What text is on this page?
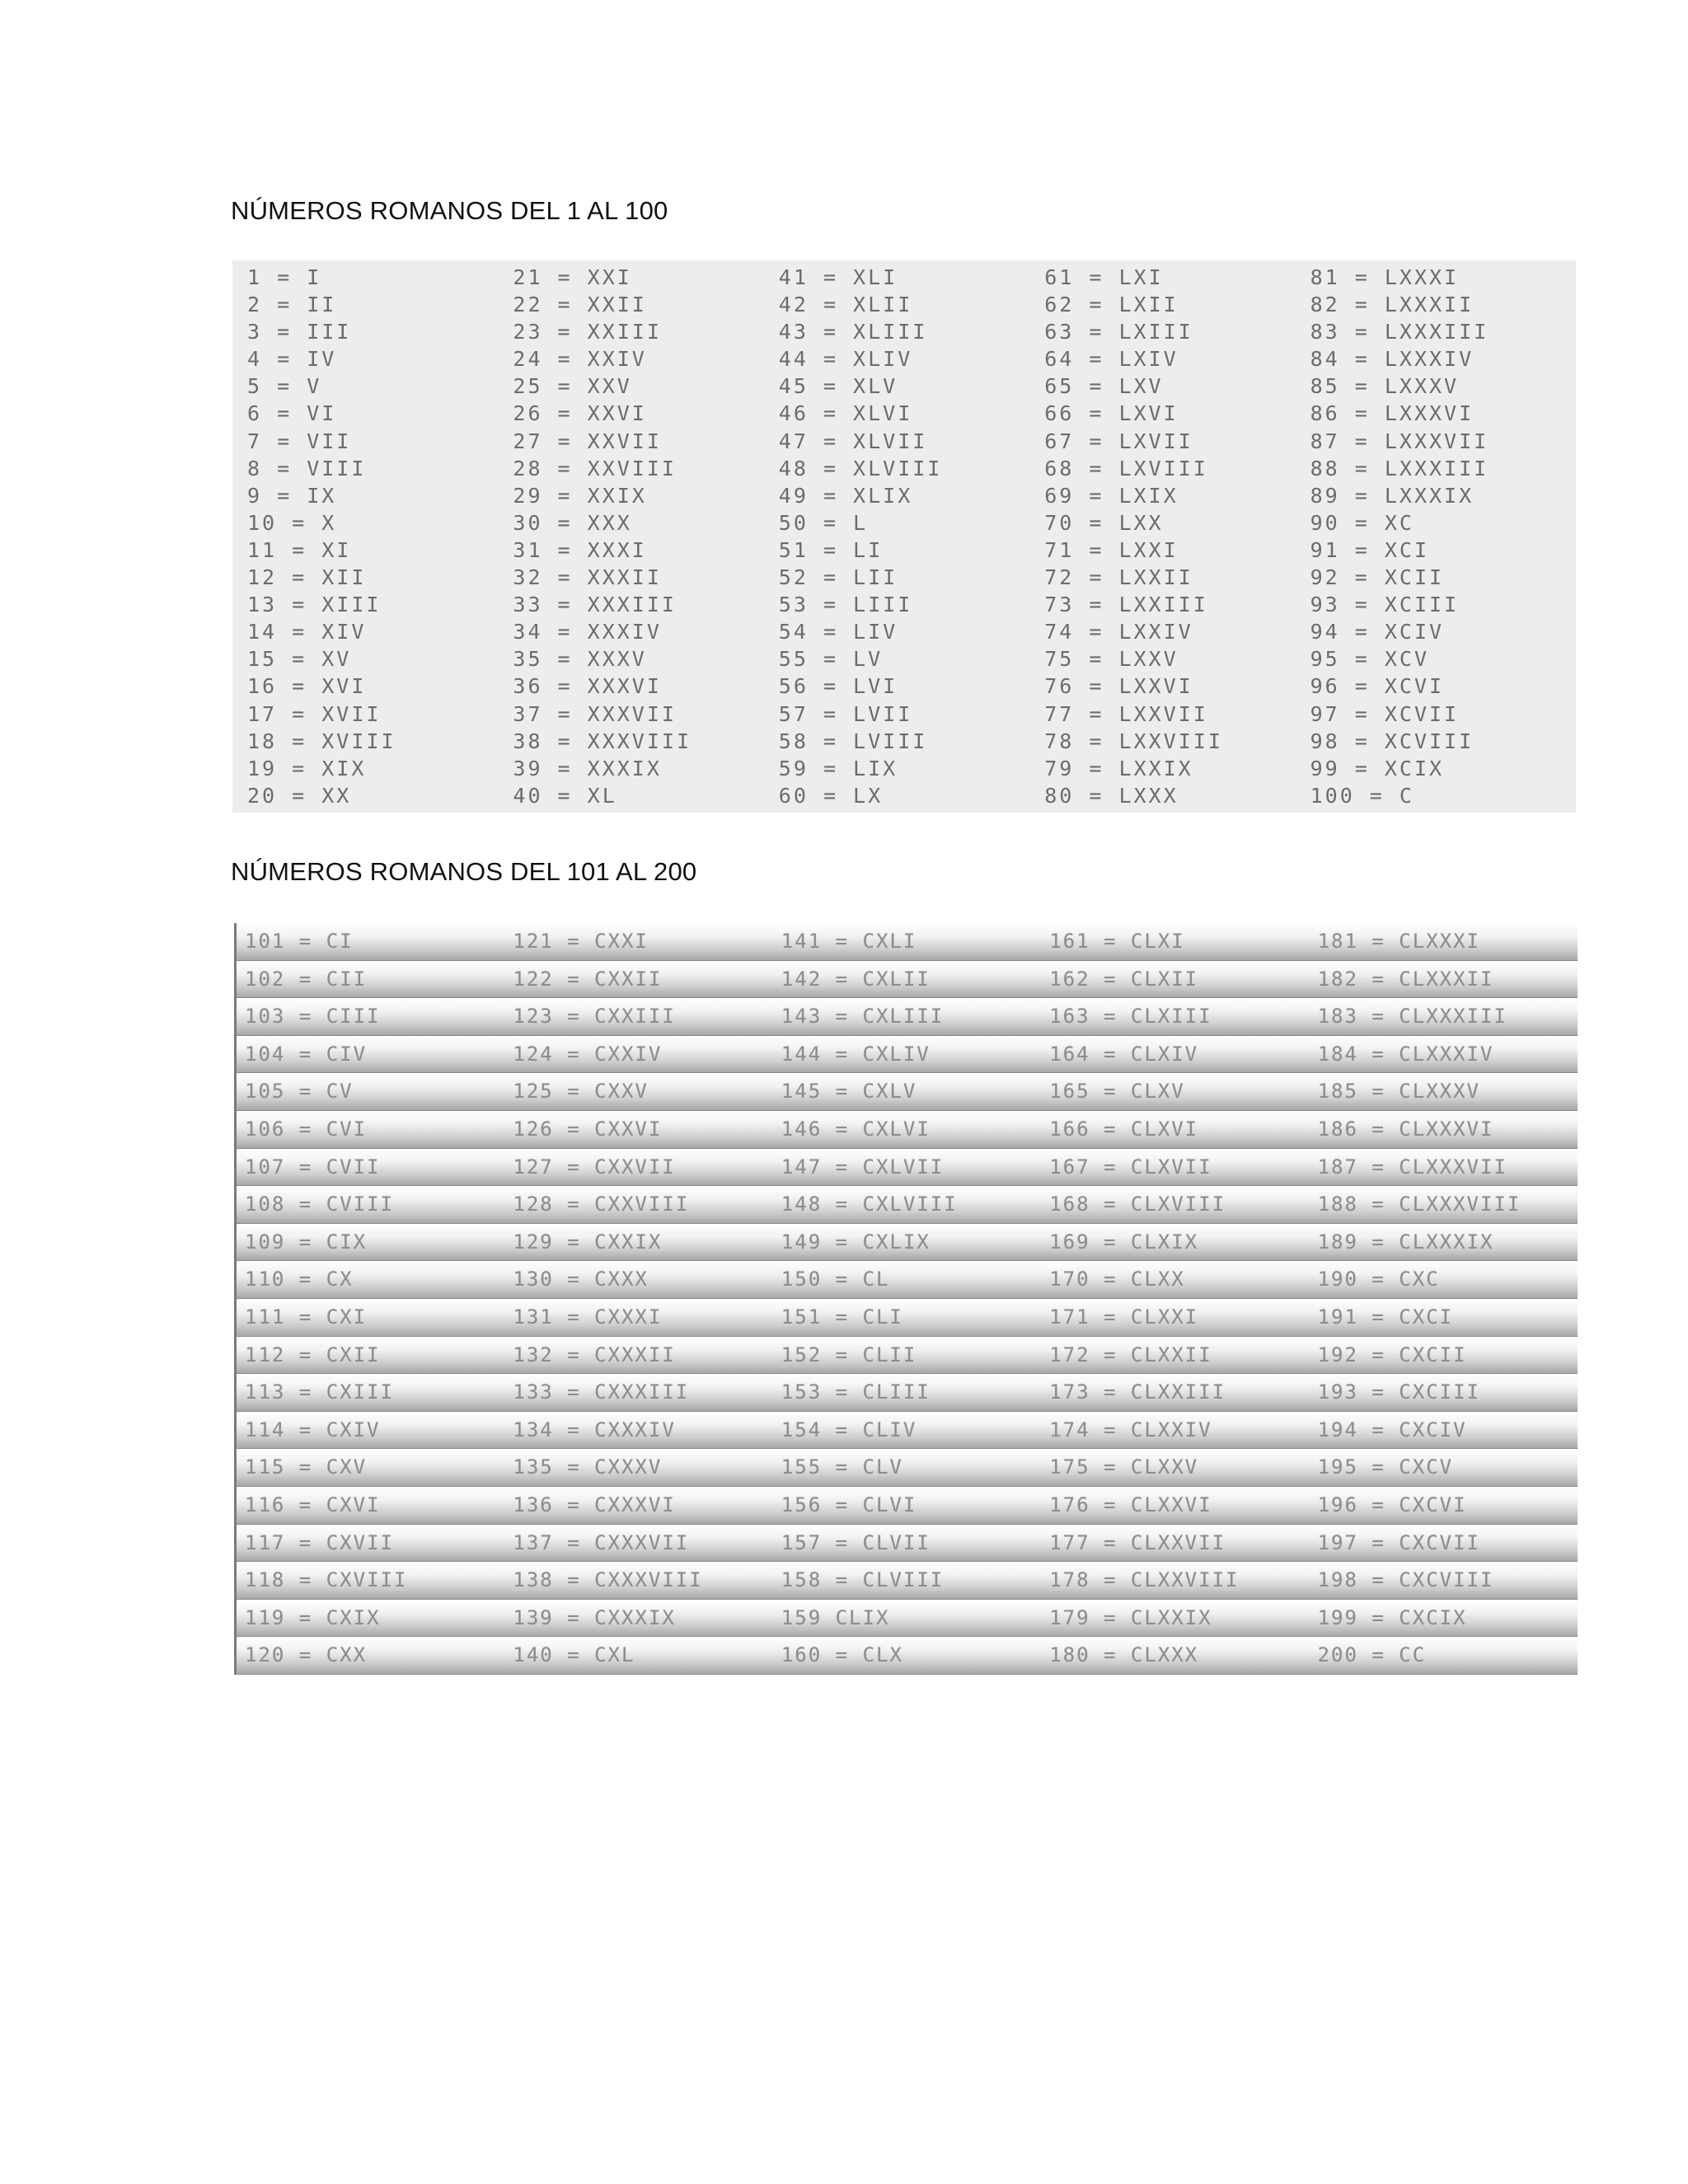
NÚMEROS ROMANOS DEL 1 AL 100
1 = I
2 = II
3 = III
4 = IV
5 = V
6 = VI
7 = VII
8 = VIII
9 = IX
10 = X
11 = XI
12 = XII
13 = XIII
14 = XIV
15 = XV
16 = XVI
17 = XVII
18 = XVIII
19 = XIX
20 = XX
21 = XXI
22 = XXII
23 = XXIII
24 = XXIV
25 = XXV
26 = XXVI
27 = XXVII
28 = XXVIII
29 = XXIX
30 = XXX
31 = XXXI
32 = XXXII
33 = XXXIII
34 = XXXIV
35 = XXXV
36 = XXXVI
37 = XXXVII
38 = XXXVIII
39 = XXXIX
40 = XL
41 = XLI
42 = XLII
43 = XLIII
44 = XLIV
45 = XLV
46 = XLVI
47 = XLVII
48 = XLVIII
49 = XLIX
50 = L
51 = LI
52 = LII
53 = LIII
54 = LIV
55 = LV
56 = LVI
57 = LVII
58 = LVIII
59 = LIX
60 = LX
61 = LXI
62 = LXII
63 = LXIII
64 = LXIV
65 = LXV
66 = LXVI
67 = LXVII
68 = LXVIII
69 = LXIX
70 = LXX
71 = LXXI
72 = LXXII
73 = LXXIII
74 = LXXIV
75 = LXXV
76 = LXXVI
77 = LXXVII
78 = LXXVIII
79 = LXXIX
80 = LXXX
81 = LXXXI
82 = LXXXII
83 = LXXXIII
84 = LXXXIV
85 = LXXXV
86 = LXXXVI
87 = LXXXVII
88 = LXXXIII
89 = LXXXIX
90 = XC
91 = XCI
92 = XCII
93 = XCIII
94 = XCIV
95 = XCV
96 = XCVI
97 = XCVII
98 = XCVIII
99 = XCIX
100 = C
NÚMEROS ROMANOS DEL 101 AL 200
101 = CI
102 = CII
103 = CIII
104 = CIV
105 = CV
106 = CVI
107 = CVII
108 = CVIII
109 = CIX
110 = CX
111 = CXI
112 = CXII
113 = CXIII
114 = CXIV
115 = CXV
116 = CXVI
117 = CXVII
118 = CXVIII
119 = CXIX
120 = CXX
121 = CXXI
122 = CXXII
123 = CXXIII
124 = CXXIV
125 = CXXV
126 = CXXVI
127 = CXXVII
128 = CXXVIII
129 = CXXIX
130 = CXXX
131 = CXXXI
132 = CXXXII
133 = CXXXIII
134 = CXXXIV
135 = CXXXV
136 = CXXXVI
137 = CXXXVII
138 = CXXXVIII
139 = CXXXIX
140 = CXL
141 = CXLI
142 = CXLII
143 = CXLIII
144 = CXLIV
145 = CXLV
146 = CXLVI
147 = CXLVII
148 = CXLVIII
149 = CXLIX
150 = CL
151 = CLI
152 = CLII
153 = CLIII
154 = CLIV
155 = CLV
156 = CLVI
157 = CLVII
158 = CLVIII
159 CLIX
160 = CLX
161 = CLXI
162 = CLXII
163 = CLXIII
164 = CLXIV
165 = CLXV
166 = CLXVI
167 = CLXVII
168 = CLXVIII
169 = CLXIX
170 = CLXX
171 = CLXXI
172 = CLXXII
173 = CLXXIII
174 = CLXXIV
175 = CLXXV
176 = CLXXVI
177 = CLXXVII
178 = CLXXVIII
179 = CLXXIX
180 = CLXXX
181 = CLXXXI
182 = CLXXXII
183 = CLXXXIII
184 = CLXXXIV
185 = CLXXXV
186 = CLXXXVI
187 = CLXXXVII
188 = CLXXXVIII
189 = CLXXXIX
190 = CXC
191 = CXCI
192 = CXCII
193 = CXCIII
194 = CXCIV
195 = CXCV
196 = CXCVI
197 = CXCVII
198 = CXCVIII
199 = CXCIX
200 = CC
